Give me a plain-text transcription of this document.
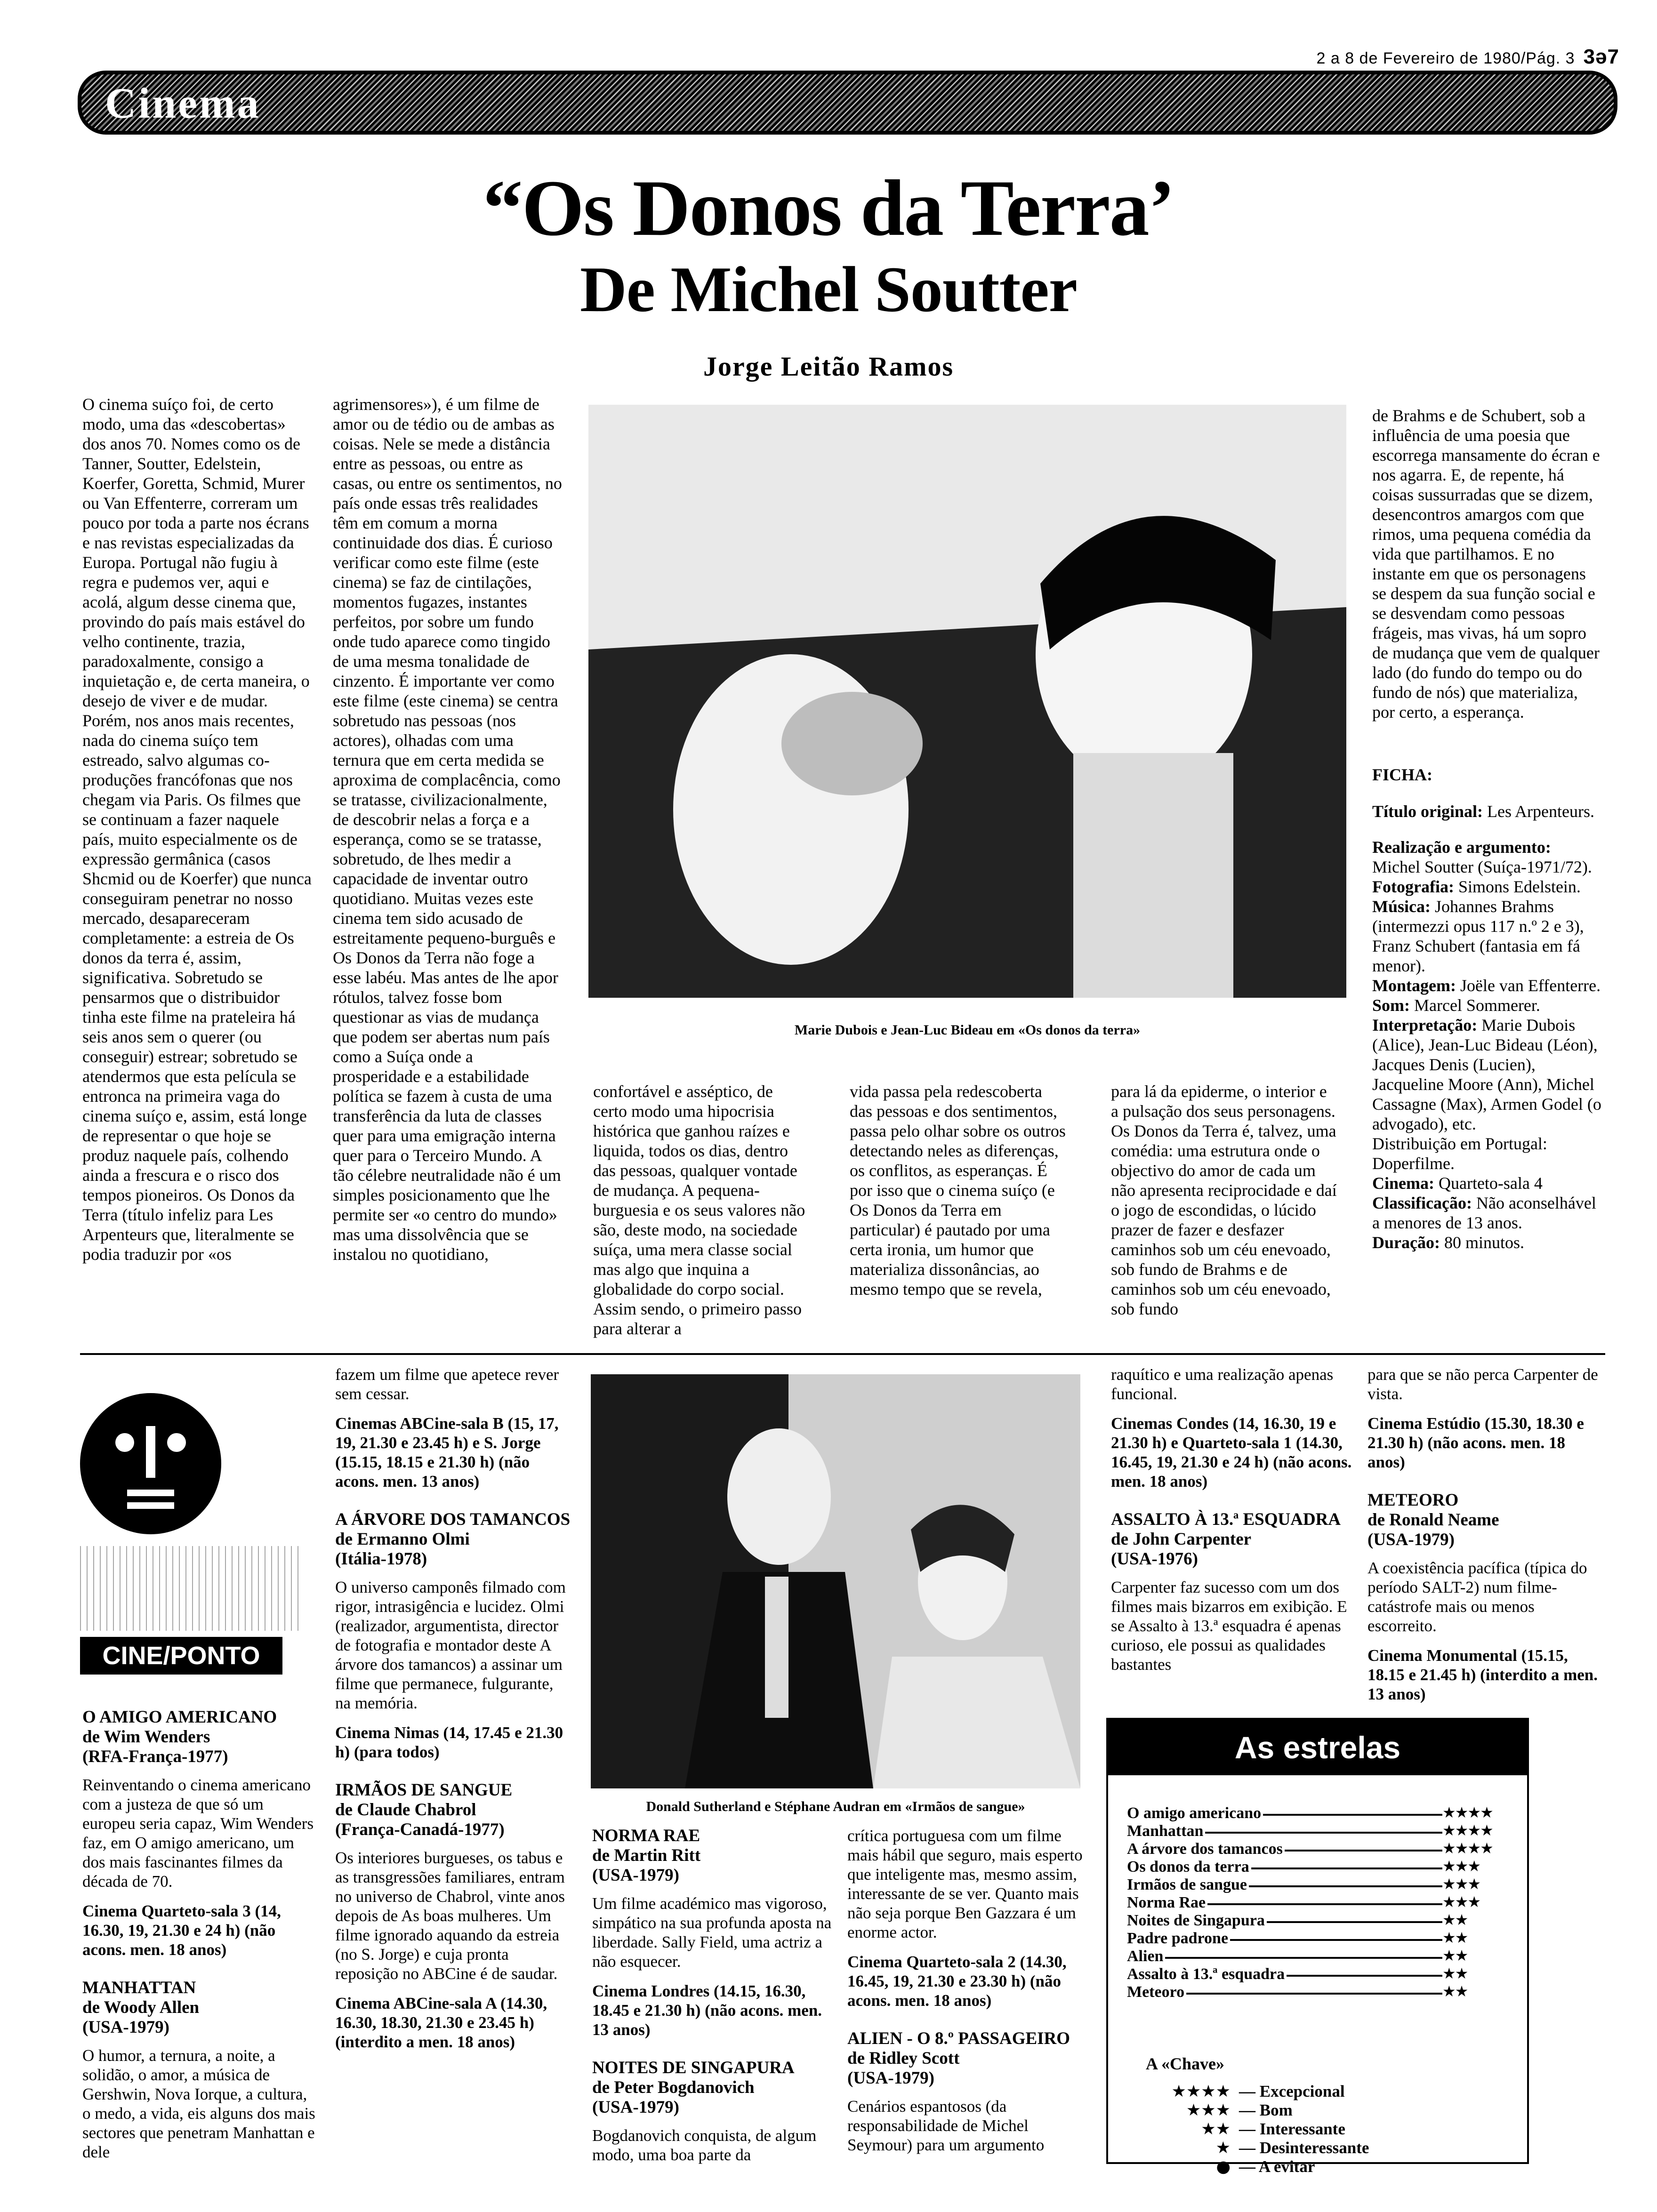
2 a 8 de Fevereiro de 1980/Pág. 3 3ǝ7
Cinema
“Os Donos da Terra’
De Michel Soutter
Jorge Leitão Ramos

O cinema suíço foi, de certo modo, uma das «descobertas» dos anos 70. Nomes como os de Tanner, Soutter, Edelstein, Koerfer, Goretta, Schmid, Murer ou Van Effenterre, correram um pouco por toda a parte nos écrans e nas revistas especializadas da Europa. Portugal não fugiu à regra e pudemos ver, aqui e acolá, algum desse cinema que, provindo do país mais estável do velho continente, trazia, paradoxalmente, consigo a inquietação e, de certa maneira, o desejo de viver e de mudar. Porém, nos anos mais recentes, nada do cinema suíço tem estreado, salvo algumas co-produções francófonas que nos chegam via Paris. Os filmes que se continuam a fazer naquele país, muito especialmente os de expressão germânica (casos Shcmid ou de Koerfer) que nunca conseguiram penetrar no nosso mercado, desapareceram completamente: a estreia de Os donos da terra é, assim, significativa. Sobretudo se pensarmos que o distribuidor tinha este filme na prateleira há seis anos sem o querer (ou conseguir) estrear; sobretudo se atendermos que esta película se entronca na primeira vaga do cinema suíço e, assim, está longe de representar o que hoje se produz naquele país, colhendo ainda a frescura e o risco dos tempos pioneiros. Os Donos da Terra (título infeliz para Les Arpenteurs que, literalmente se podia traduzir por «os

agrimensores»), é um filme de amor ou de tédio ou de ambas as coisas. Nele se mede a distância entre as pessoas, ou entre as casas, ou entre os sentimentos, no país onde essas três realidades têm em comum a morna continuidade dos dias. É curioso verificar como este filme (este cinema) se faz de cintilações, momentos fugazes, instantes perfeitos, por sobre um fundo onde tudo aparece como tingido de uma mesma tonalidade de cinzento. É importante ver como este filme (este cinema) se centra sobretudo nas pessoas (nos actores), olhadas com uma ternura que em certa medida se aproxima de complacência, como se tratasse, civilizacionalmente, de descobrir nelas a força e a esperança, como se se tratasse, sobretudo, de lhes medir a capacidade de inventar outro quotidiano. Muitas vezes este cinema tem sido acusado de estreitamente pequeno-burguês e Os Donos da Terra não foge a esse labéu. Mas antes de lhe apor rótulos, talvez fosse bom questionar as vias de mudança que podem ser abertas num país como a Suíça onde a prosperidade e a estabilidade política se fazem à custa de uma transferência da luta de classes quer para uma emigração interna quer para o Terceiro Mundo. A tão célebre neutralidade não é um simples posicionamento que lhe permite ser «o centro do mundo» mas uma dissolvência que se instalou no quotidiano,

Marie Dubois e Jean-Luc Bideau em «Os donos da terra»

confortável e asséptico, de certo modo uma hipocrisia histórica que ganhou raízes e liquida, todos os dias, dentro das pessoas, qualquer vontade de mudança. A pequena-burguesia e os seus valores não são, deste modo, na sociedade suíça, uma mera classe social mas algo que inquina a globalidade do corpo social. Assim sendo, o primeiro passo para alterar a

vida passa pela redescoberta das pessoas e dos sentimentos, passa pelo olhar sobre os outros detectando neles as diferenças, os conflitos, as esperanças. É por isso que o cinema suíço (e Os Donos da Terra em particular) é pautado por uma certa ironia, um humor que materializa dissonâncias, ao mesmo tempo que se revela,

para lá da epiderme, o interior e a pulsação dos seus personagens. Os Donos da Terra é, talvez, uma comédia: uma estrutura onde o objectivo do amor de cada um não apresenta reciprocidade e daí o jogo de escondidas, o lúcido prazer de fazer e desfazer caminhos sob um céu enevoado, sob fundo de Brahms e de caminhos sob um céu enevoado, sob fundo

de Brahms e de Schubert, sob a influência de uma poesia que escorrega mansamente do écran e nos agarra. E, de repente, há coisas sussurradas que se dizem, desencontros amargos com que rimos, uma pequena comédia da vida que partilhamos. E no instante em que os personagens se despem da sua função social e se desvendam como pessoas frágeis, mas vivas, há um sopro de mudança que vem de qualquer lado (do fundo do tempo ou do fundo de nós) que materializa, por certo, a esperança.

FICHA:

Título original: Les Arpenteurs.

Realização e argumento: Michel Soutter (Suíça-1971/72).

Fotografia: Simons Edelstein.

Música: Johannes Brahms (intermezzi opus 117 n.º 2 e 3), Franz Schubert (fantasia em fá menor).

Montagem: Joële van Effenterre.

Som: Marcel Sommerer.

Interpretação: Marie Dubois (Alice), Jean-Luc Bideau (Léon), Jacques Denis (Lucien), Jacqueline Moore (Ann), Michel Cassagne (Max), Armen Godel (o advogado), etc.

Distribuição em Portugal: Doperfilme.

Cinema: Quarteto-sala 4

Classificação: Não aconselhável a menores de 13 anos.

Duração: 80 minutos.

CINE/PONTO
O AMIGO AMERICANO
de Wim Wenders
(RFA-França-1977)

Reinventando o cinema americano com a justeza de que só um europeu seria capaz, Wim Wenders faz, em O amigo americano, um dos mais fascinantes filmes da década de 70.

Cinema Quarteto-sala 3 (14, 16.30, 19, 21.30 e 24 h) (não acons. men. 18 anos)

MANHATTAN
de Woody Allen
(USA-1979)

O humor, a ternura, a noite, a solidão, o amor, a música de Gershwin, Nova Iorque, a cultura, o medo, a vida, eis alguns dos mais sectores que penetram Manhattan e dele

fazem um filme que apetece rever sem cessar.

Cinemas ABCine-sala B (15, 17, 19, 21.30 e 23.45 h) e S. Jorge (15.15, 18.15 e 21.30 h) (não acons. men. 13 anos)

A ÁRVORE DOS TAMANCOS
de Ermanno Olmi
(Itália-1978)

O universo camponês filmado com rigor, intrasigência e lucidez. Olmi (realizador, argumentista, director de fotografia e montador deste A árvore dos tamancos) a assinar um filme que permanece, fulgurante, na memória.

Cinema Nimas (14, 17.45 e 21.30 h) (para todos)

IRMÃOS DE SANGUE
de Claude Chabrol
(França-Canadá-1977)

Os interiores burgueses, os tabus e as transgressões familiares, entram no universo de Chabrol, vinte anos depois de As boas mulheres. Um filme ignorado aquando da estreia (no S. Jorge) e cuja pronta reposição no ABCine é de saudar.

Cinema ABCine-sala A (14.30, 16.30, 18.30, 21.30 e 23.45 h) (interdito a men. 18 anos)

NORMA RAE
de Martin Ritt
(USA-1979)

Um filme académico mas vigoroso, simpático na sua profunda aposta na liberdade. Sally Field, uma actriz a não esquecer.

Cinema Londres (14.15, 16.30, 18.45 e 21.30 h) (não acons. men. 13 anos)

NOITES DE SINGAPURA
de Peter Bogdanovich
(USA-1979)

Bogdanovich conquista, de algum modo, uma boa parte da

crítica portuguesa com um filme mais hábil que seguro, mais esperto que inteligente mas, mesmo assim, interessante de se ver. Quanto mais não seja porque Ben Gazzara é um enorme actor.

Cinema Quarteto-sala 2 (14.30, 16.45, 19, 21.30 e 23.30 h) (não acons. men. 18 anos)

ALIEN - O 8.º PASSAGEIRO
de Ridley Scott
(USA-1979)

Cenários espantosos (da responsabilidade de Michel Seymour) para um argumento

raquítico e uma realização apenas funcional.

Cinemas Condes (14, 16.30, 19 e 21.30 h) e Quarteto-sala 1 (14.30, 16.45, 19, 21.30 e 24 h) (não acons. men. 18 anos)

ASSALTO À 13.ª ESQUADRA
de John Carpenter
(USA-1976)

Carpenter faz sucesso com um dos filmes mais bizarros em exibição. E se Assalto à 13.ª esquadra é apenas curioso, ele possui as qualidades bastantes

para que se não perca Carpenter de vista.

Cinema Estúdio (15.30, 18.30 e 21.30 h) (não acons. men. 18 anos)

METEORO
de Ronald Neame
(USA-1979)

A coexistência pacífica (típica do período SALT-2) num filme-catástrofe mais ou menos escorreito.

Cinema Monumental (15.15, 18.15 e 21.45 h) (interdito a men. 13 anos)

Donald Sutherland e Stéphane Audran em «Irmãos de sangue»
As estrelas
O amigo americano	★★★★
Manhattan	★★★★
A árvore dos tamancos	★★★★
Os donos da terra	★★★
Irmãos de sangue	★★★
Norma Rae	★★★
Noites de Singapura	★★
Padre padrone	★★
Alien	★★
Assalto à 13.ª esquadra	★★
Meteoro	★★
A «Chave»
★★★★ — Excepcional
★★★ — Bom
★★ — Interessante
★ — Desinteressante
● — A evitar
